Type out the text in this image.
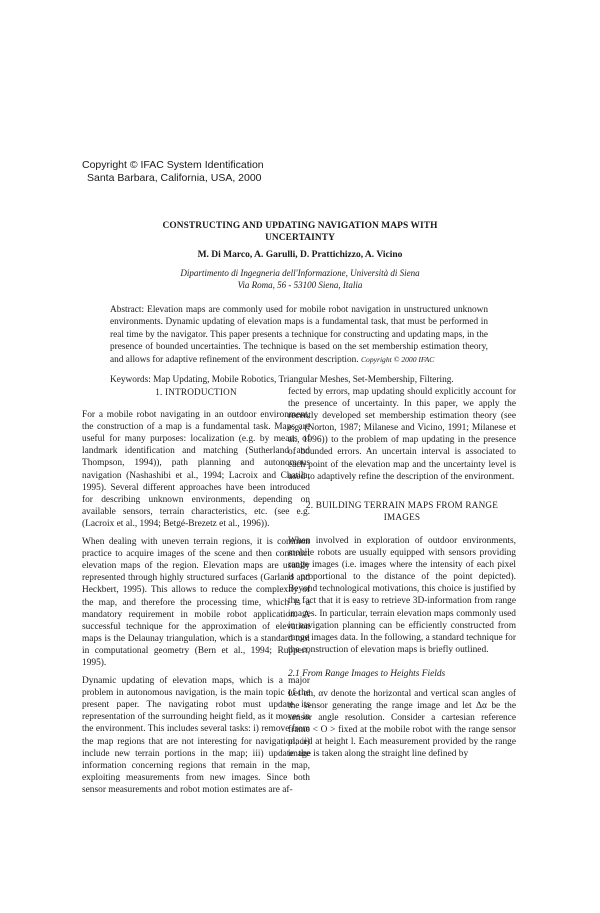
Copyright © IFAC System Identification
Santa Barbara, California, USA, 2000
CONSTRUCTING AND UPDATING NAVIGATION MAPS WITH
UNCERTAINTY
M. Di Marco, A. Garulli, D. Prattichizzo, A. Vicino
Dipartimento di Ingegneria dell'Informazione, Università di Siena
Via Roma, 56 - 53100 Siena, Italia
Abstract: Elevation maps are commonly used for mobile robot navigation in unstructured unknown environments. Dynamic updating of elevation maps is a fundamental task, that must be performed in real time by the navigator. This paper presents a technique for constructing and updating maps, in the presence of bounded uncertainties. The technique is based on the set membership estimation theory, and allows for adaptive refinement of the environment description. Copyright © 2000 IFAC
Keywords: Map Updating, Mobile Robotics, Triangular Meshes, Set-Membership, Filtering.

1. INTRODUCTION

For a mobile robot navigating in an outdoor environment, the construction of a map is a fundamental task. Maps are useful for many purposes: localization (e.g. by means of landmark identification and matching (Sutherland and Thompson, 1994)), path planning and autonomous navigation (Nashashibi et al., 1994; Lacroix and Chatila, 1995). Several different approaches have been introduced for describing unknown environments, depending on available sensors, terrain characteristics, etc. (see e.g. (Lacroix et al., 1994; Betgé-Brezetz et al., 1996)).

When dealing with uneven terrain regions, it is common practice to acquire images of the scene and then construct elevation maps of the region. Elevation maps are usually represented through highly structured surfaces (Garland and Heckbert, 1995). This allows to reduce the complexity of the map, and therefore the processing time, which is a mandatory requirement in mobile robot application. A successful technique for the approximation of elevation maps is the Delaunay triangulation, which is a standard tool in computational geometry (Bern et al., 1994; Ruppert, 1995).

Dynamic updating of elevation maps, which is a major problem in autonomous navigation, is the main topic of the present paper. The navigating robot must update its representation of the surrounding height field, as it moves in the environment. This includes several tasks: i) remove from the map regions that are not interesting for navigation; ii) include new terrain portions in the map; iii) update the information concerning regions that remain in the map, exploiting measurements from new images. Since both sensor measurements and robot motion estimates are af-

fected by errors, map updating should explicitly account for the presence of uncertainty. In this paper, we apply the recently developed set membership estimation theory (see e.g. (Norton, 1987; Milanese and Vicino, 1991; Milanese et al., 1996)) to the problem of map updating in the presence of bounded errors. An uncertain interval is associated to each point of the elevation map and the uncertainty level is used to adaptively refine the description of the environment.

2. BUILDING TERRAIN MAPS FROM RANGE
IMAGES

When involved in exploration of outdoor environments, mobile robots are usually equipped with sensors providing range images (i.e. images where the intensity of each pixel is proportional to the distance of the point depicted). Beyond technological motivations, this choice is justified by the fact that it is easy to retrieve 3D-information from range images. In particular, terrain elevation maps commonly used in navigation planning can be efficiently constructed from range images data. In the following, a standard technique for the construction of elevation maps is briefly outlined.

2.1 From Range Images to Heights Fields

Let αh, αv denote the horizontal and vertical scan angles of the sensor generating the range image and let Δα be the sensor angle resolution. Consider a cartesian reference frame < O > fixed at the mobile robot with the range sensor placed at height l. Each measurement provided by the range image is taken along the straight line defined by
